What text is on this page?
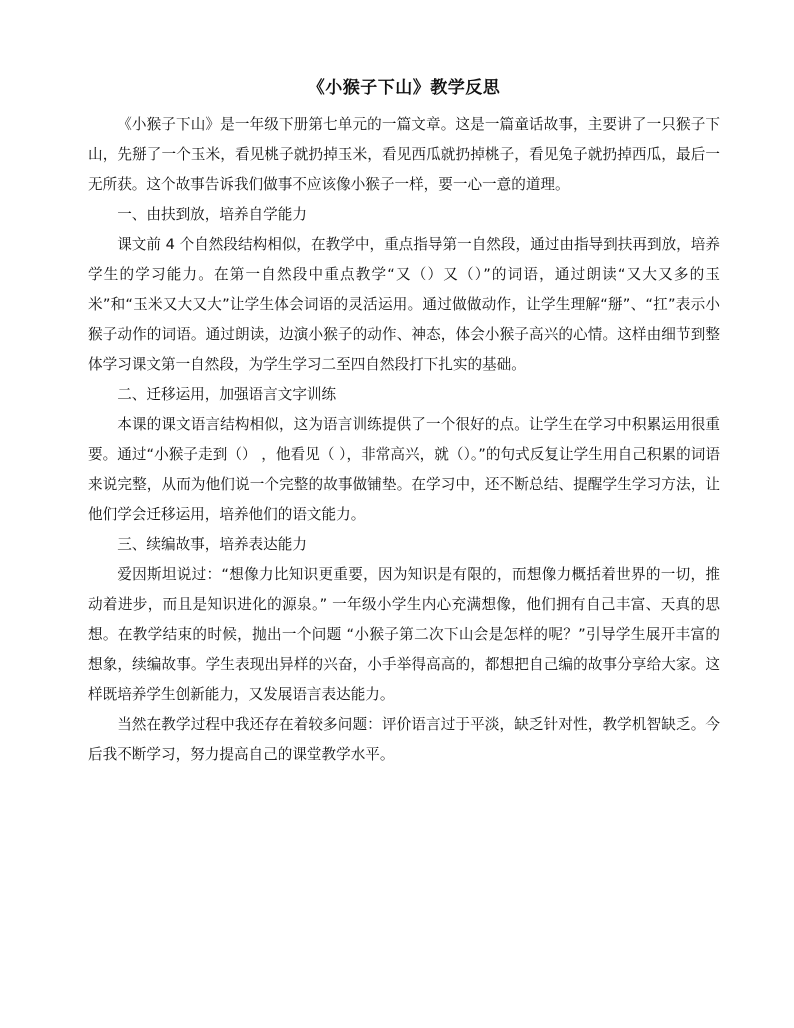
《小猴子下山》教学反思

《小猴子下山》是一年级下册第七单元的一篇文章。这是一篇童话故事，主要讲了一只猴子下山，先掰了一个玉米，看见桃子就扔掉玉米，看见西瓜就扔掉桃子，看见兔子就扔掉西瓜，最后一无所获。这个故事告诉我们做事不应该像小猴子一样，要一心一意的道理。

一、由扶到放，培养自学能力

课文前 4 个自然段结构相似，在教学中，重点指导第一自然段，通过由指导到扶再到放，培养学生的学习能力。在第一自然段中重点教学“又（）又（）”的词语，通过朗读“又大又多的玉米”和“玉米又大又大”让学生体会词语的灵活运用。通过做做动作，让学生理解“掰”、“扛”表示小猴子动作的词语。通过朗读，边演小猴子的动作、神态，体会小猴子高兴的心情。这样由细节到整体学习课文第一自然段，为学生学习二至四自然段打下扎实的基础。

二、迁移运用，加强语言文字训练

本课的课文语言结构相似，这为语言训练提供了一个很好的点。让学生在学习中积累运用很重要。通过“小猴子走到（） ，他看见（ ），非常高兴，就（）。”的句式反复让学生用自己积累的词语来说完整，从而为他们说一个完整的故事做铺垫。在学习中，还不断总结、提醒学生学习方法，让他们学会迁移运用，培养他们的语文能力。

三、续编故事，培养表达能力

爱因斯坦说过：“想像力比知识更重要，因为知识是有限的，而想像力概括着世界的一切，推动着进步，而且是知识进化的源泉。” 一年级小学生内心充满想像，他们拥有自己丰富、天真的思想。在教学结束的时候，抛出一个问题 “小猴子第二次下山会是怎样的呢？”引导学生展开丰富的想象，续编故事。学生表现出异样的兴奋，小手举得高高的，都想把自己编的故事分享给大家。这样既培养学生创新能力，又发展语言表达能力。

当然在教学过程中我还存在着较多问题：评价语言过于平淡，缺乏针对性，教学机智缺乏。今后我不断学习，努力提高自己的课堂教学水平。
